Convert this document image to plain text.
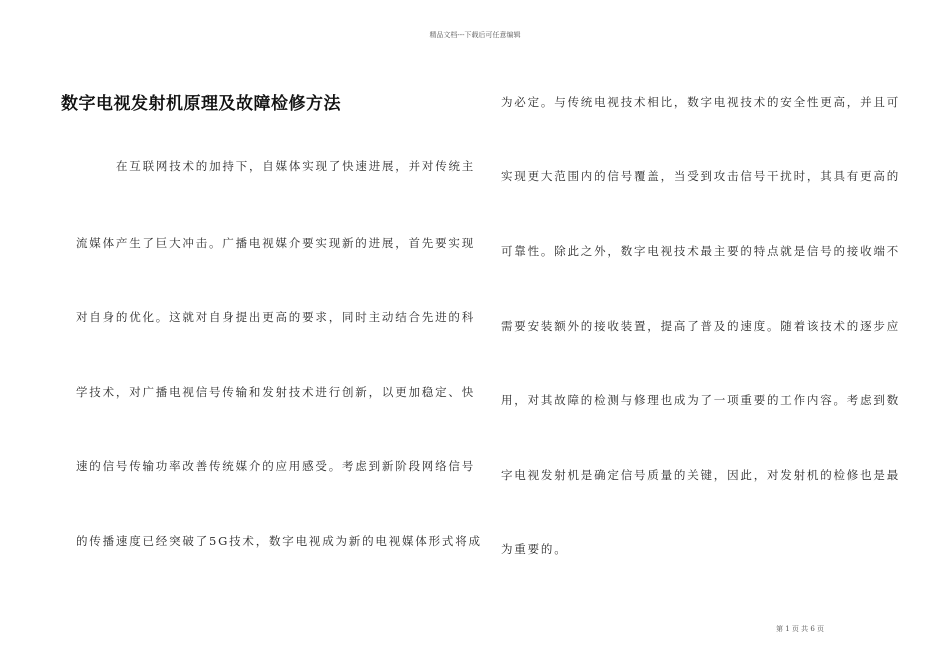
精品文档---下载后可任意编辑
数字电视发射机原理及故障检修方法
在互联网技术的加持下，自媒体实现了快速进展，并对传统主
流媒体产生了巨大冲击。广播电视媒介要实现新的进展，首先要实现
对自身的优化。这就对自身提出更高的要求，同时主动结合先进的科
学技术，对广播电视信号传输和发射技术进行创新，以更加稳定、快
速的信号传输功率改善传统媒介的应用感受。考虑到新阶段网络信号
的传播速度已经突破了5G技术，数字电视成为新的电视媒体形式将成
为必定。与传统电视技术相比，数字电视技术的安全性更高，并且可
实现更大范围内的信号覆盖，当受到攻击信号干扰时，其具有更高的
可靠性。除此之外，数字电视技术最主要的特点就是信号的接收端不
需要安装额外的接收装置，提高了普及的速度。随着该技术的逐步应
用，对其故障的检测与修理也成为了一项重要的工作内容。考虑到数
字电视发射机是确定信号质量的关键，因此，对发射机的检修也是最
为重要的。
第 1 页 共 6 页
